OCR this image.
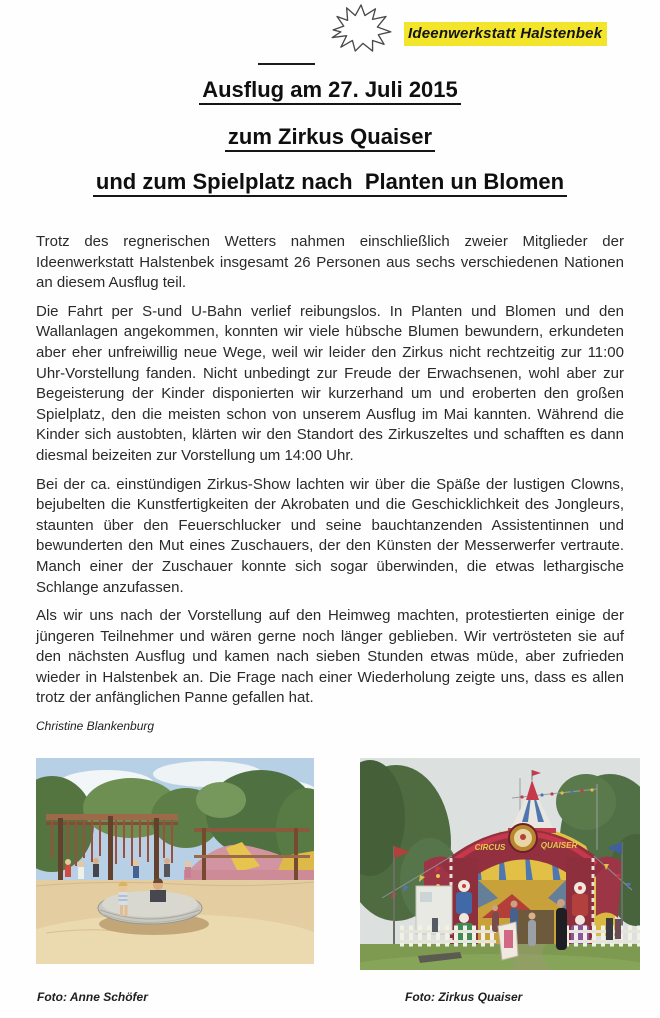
Ideenwerkstatt Halstenbek
Ausflug am 27. Juli 2015
zum Zirkus Quaiser
und zum Spielplatz nach  Planten un Blomen

Trotz des regnerischen Wetters nahmen einschließlich zweier Mitglieder der Ideenwerkstatt Halstenbek insgesamt 26 Personen aus sechs verschiedenen Nationen an diesem Ausflug teil.

Die Fahrt per S-und U-Bahn verlief reibungslos. In Planten und Blomen und den Wallanlagen angekommen, konnten wir viele hübsche Blumen bewundern, erkundeten aber eher unfreiwillig neue Wege, weil wir leider den Zirkus nicht rechtzeitig zur 11:00 Uhr-Vorstellung fanden. Nicht unbedingt zur Freude der Erwachsenen, wohl aber zur Begeisterung der Kinder disponierten wir kurzerhand um und eroberten den großen Spielplatz, den die meisten schon von unserem Ausflug im Mai kannten. Während die Kinder sich austobten, klärten wir den Standort des Zirkuszeltes und schafften es dann diesmal beizeiten zur Vorstellung um 14:00 Uhr.

Bei der ca. einstündigen Zirkus-Show lachten wir über die Späße der lustigen Clowns, bejubelten die Kunstfertigkeiten der Akrobaten und die Geschicklichkeit des Jongleurs, staunten über den Feuerschlucker und seine bauchtanzenden Assistentinnen und bewunderten den Mut eines Zuschauers, der den Künsten der Messerwerfer vertraute. Manch einer der Zuschauer konnte sich sogar überwinden, die etwas lethargische Schlange anzufassen.

Als wir uns nach der Vorstellung auf den Heimweg machten, protestierten einige der jüngeren Teilnehmer und wären gerne noch länger geblieben. Wir vertrösteten sie auf den nächsten Ausflug und kamen nach sieben Stunden etwas müde, aber zufrieden wieder in Halstenbek an. Die Frage nach einer Wiederholung zeigte uns, dass es allen trotz der anfänglichen Panne gefallen hat.

Christine Blankenburg
CIRCUS	QUAISER
Foto: Anne Schöfer	Foto: Zirkus Quaiser
